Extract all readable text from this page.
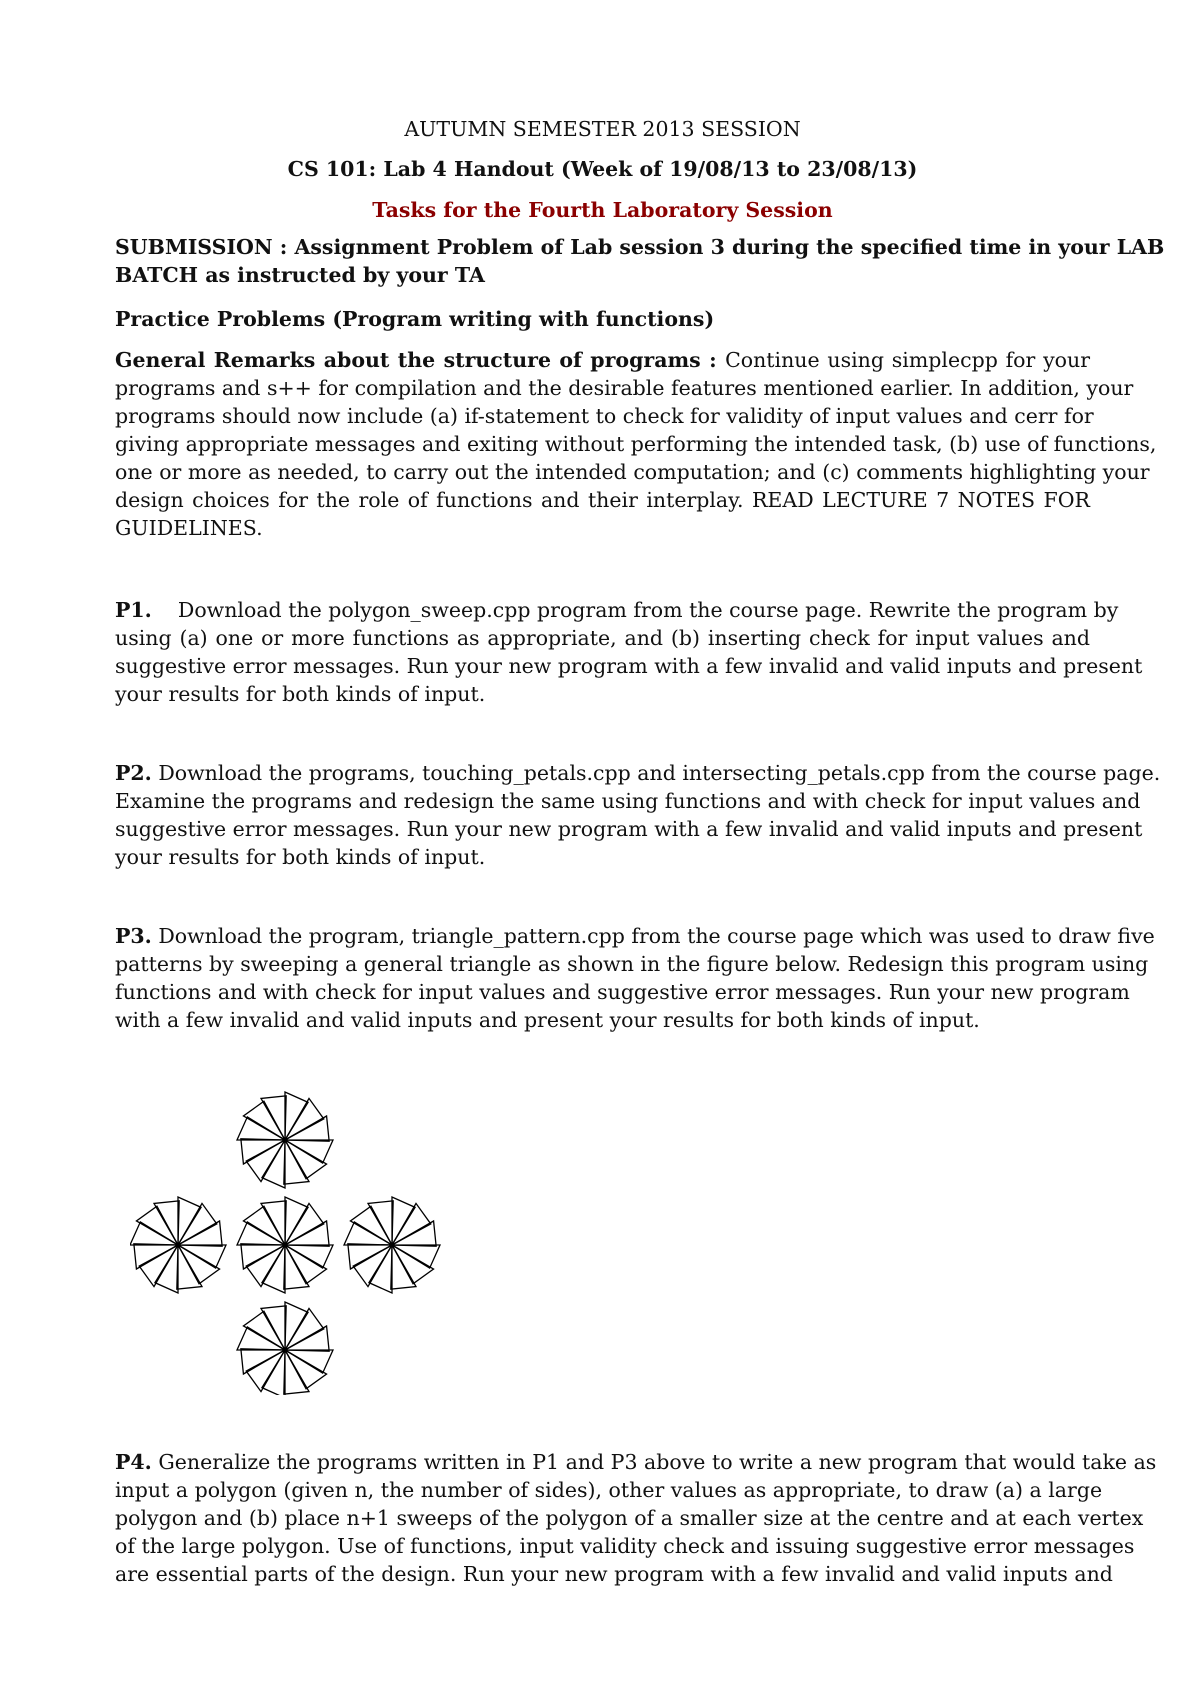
AUTUMN SEMESTER 2013 SESSION
CS 101: Lab 4 Handout (Week of 19/08/13 to 23/08/13)
Tasks for the Fourth Laboratory Session
SUBMISSION : Assignment Problem of Lab session 3 during the specified time in your LAB
BATCH as instructed by your TA
Practice Problems (Program writing with functions)
General Remarks about the structure of programs : Continue using simplecpp for your
programs and s++ for compilation and the desirable features mentioned earlier. In addition, your
programs should now include (a) if-statement to check for validity of input values and cerr for
giving appropriate messages and exiting without performing the intended task, (b) use of functions,
one or more as needed, to carry out the intended computation; and (c) comments highlighting your
design choices for the role of functions and their interplay. READ LECTURE 7 NOTES FOR
GUIDELINES.
P1. Download the polygon_sweep.cpp program from the course page. Rewrite the program by
using (a) one or more functions as appropriate, and (b) inserting check for input values and
suggestive error messages. Run your new program with a few invalid and valid inputs and present
your results for both kinds of input.
P2. Download the programs, touching_petals.cpp and intersecting_petals.cpp from the course page.
Examine the programs and redesign the same using functions and with check for input values and
suggestive error messages. Run your new program with a few invalid and valid inputs and present
your results for both kinds of input.
P3. Download the program, triangle_pattern.cpp from the course page which was used to draw five
patterns by sweeping a general triangle as shown in the figure below. Redesign this program using
functions and with check for input values and suggestive error messages. Run your new program
with a few invalid and valid inputs and present your results for both kinds of input.
P4. Generalize the programs written in P1 and P3 above to write a new program that would take as
input a polygon (given n, the number of sides), other values as appropriate, to draw (a) a large
polygon and (b) place n+1 sweeps of the polygon of a smaller size at the centre and at each vertex
of the large polygon. Use of functions, input validity check and issuing suggestive error messages
are essential parts of the design. Run your new program with a few invalid and valid inputs and
